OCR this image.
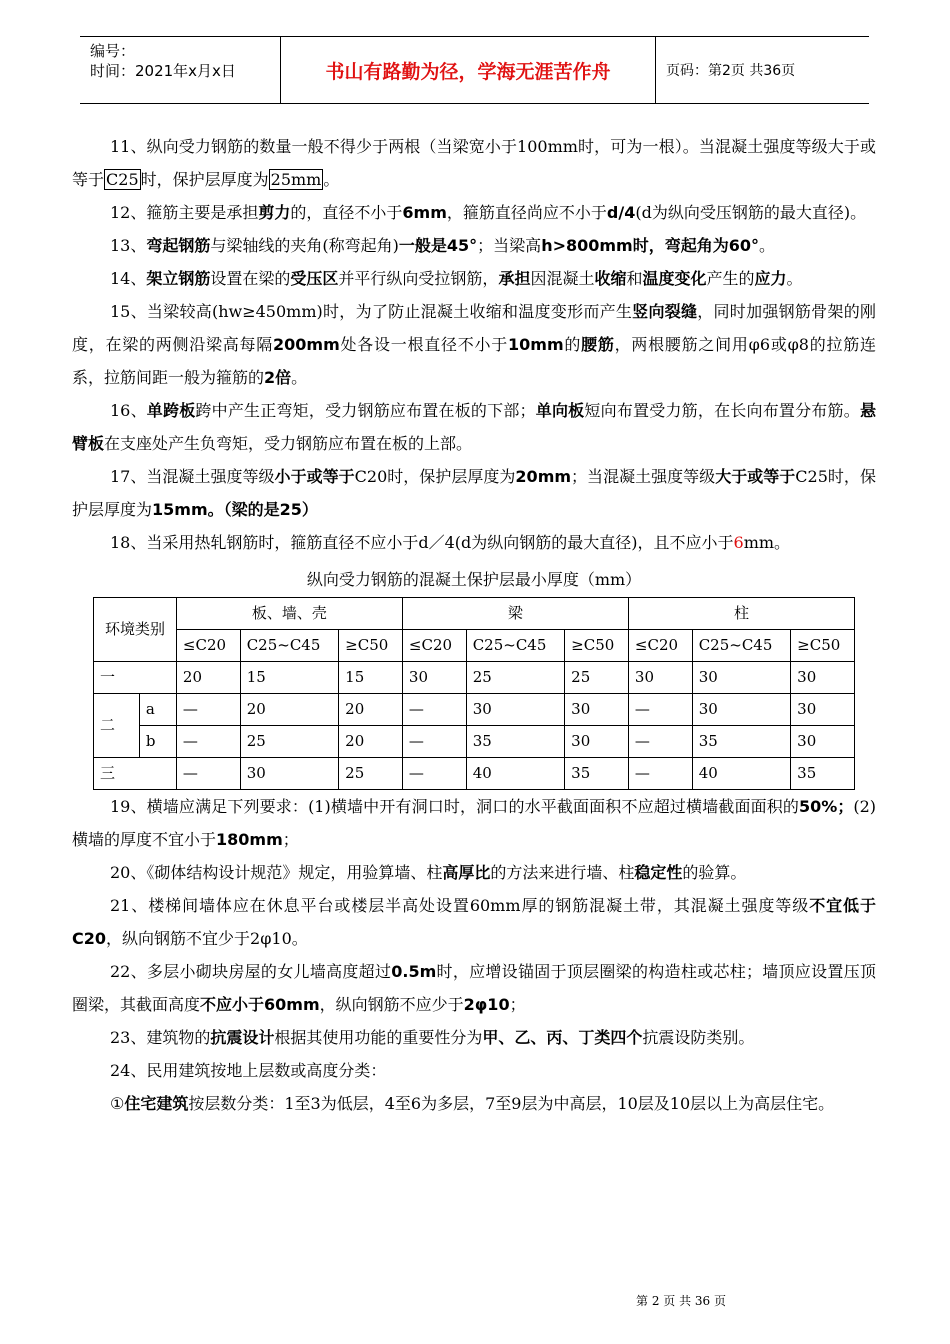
编号：
时间：2021年x月x日	书山有路勤为径，学海无涯苦作舟	页码：第2页 共36页

11、纵向受力钢筋的数量一般不得少于两根（当梁宽小于100mm时，可为一根）。当混凝土强度等级大于或等于 C25 时，保护层厚度为 25mm 。

12、箍筋主要是承担剪力的，直径不小于6mm，箍筋直径尚应不小于d/4(d为纵向受压钢筋的最大直径)。

13、弯起钢筋与梁轴线的夹角(称弯起角)一般是45°；当梁高h>800mm时，弯起角为60°。

14、架立钢筋设置在梁的受压区并平行纵向受拉钢筋，承担因混凝土收缩和温度变化产生的应力。

15、当梁较高(hw≥450mm)时，为了防止混凝土收缩和温度变形而产生竖向裂缝，同时加强钢筋骨架的刚度，在梁的两侧沿梁高每隔200mm处各设一根直径不小于10mm的腰筋，两根腰筋之间用φ6或φ8的拉筋连系，拉筋间距一般为箍筋的2倍。

16、单跨板跨中产生正弯矩，受力钢筋应布置在板的下部；单向板短向布置受力筋，在长向布置分布筋。悬臂板在支座处产生负弯矩，受力钢筋应布置在板的上部。

17、当混凝土强度等级小于或等于C20时，保护层厚度为20mm；当混凝土强度等级大于或等于C25时，保护层厚度为15mm。（梁的是25）

18、当采用热轧钢筋时，箍筋直径不应小于d／4(d为纵向钢筋的最大直径)，且不应小于6mm。

纵向受力钢筋的混凝土保护层最小厚度（mm）
环境类别		板、墙、壳			梁			柱		
		≤C20	C25~C45	≥C50	≤C20	C25~C45	≥C50	≤C20	C25~C45	≥C50
一		20	15	15	30	25	25	30	30	30
二	a	—	20	20	—	30	30	—	30	30
	b	—	25	20	—	35	30	—	35	30
三		—	30	25	—	40	35	—	40	35

19、横墙应满足下列要求：(1)横墙中开有洞口时，洞口的水平截面面积不应超过横墙截面面积的50%；(2)横墙的厚度不宜小于180mm；

20、《砌体结构设计规范》规定，用验算墙、柱高厚比的方法来进行墙、柱稳定性的验算。

21、楼梯间墙体应在休息平台或楼层半高处设置60mm厚的钢筋混凝土带，其混凝土强度等级不宜低于C20，纵向钢筋不宜少于2φ10。

22、多层小砌块房屋的女儿墙高度超过0.5m时，应增设锚固于顶层圈梁的构造柱或芯柱；墙顶应设置压顶圈梁，其截面高度不应小于60mm，纵向钢筋不应少于2φ10；

23、建筑物的抗震设计根据其使用功能的重要性分为甲、乙、丙、丁类四个抗震设防类别。

24、民用建筑按地上层数或高度分类：

①住宅建筑按层数分类：1至3为低层，4至6为多层，7至9层为中高层，10层及10层以上为高层住宅。

第 2 页 共 36 页
